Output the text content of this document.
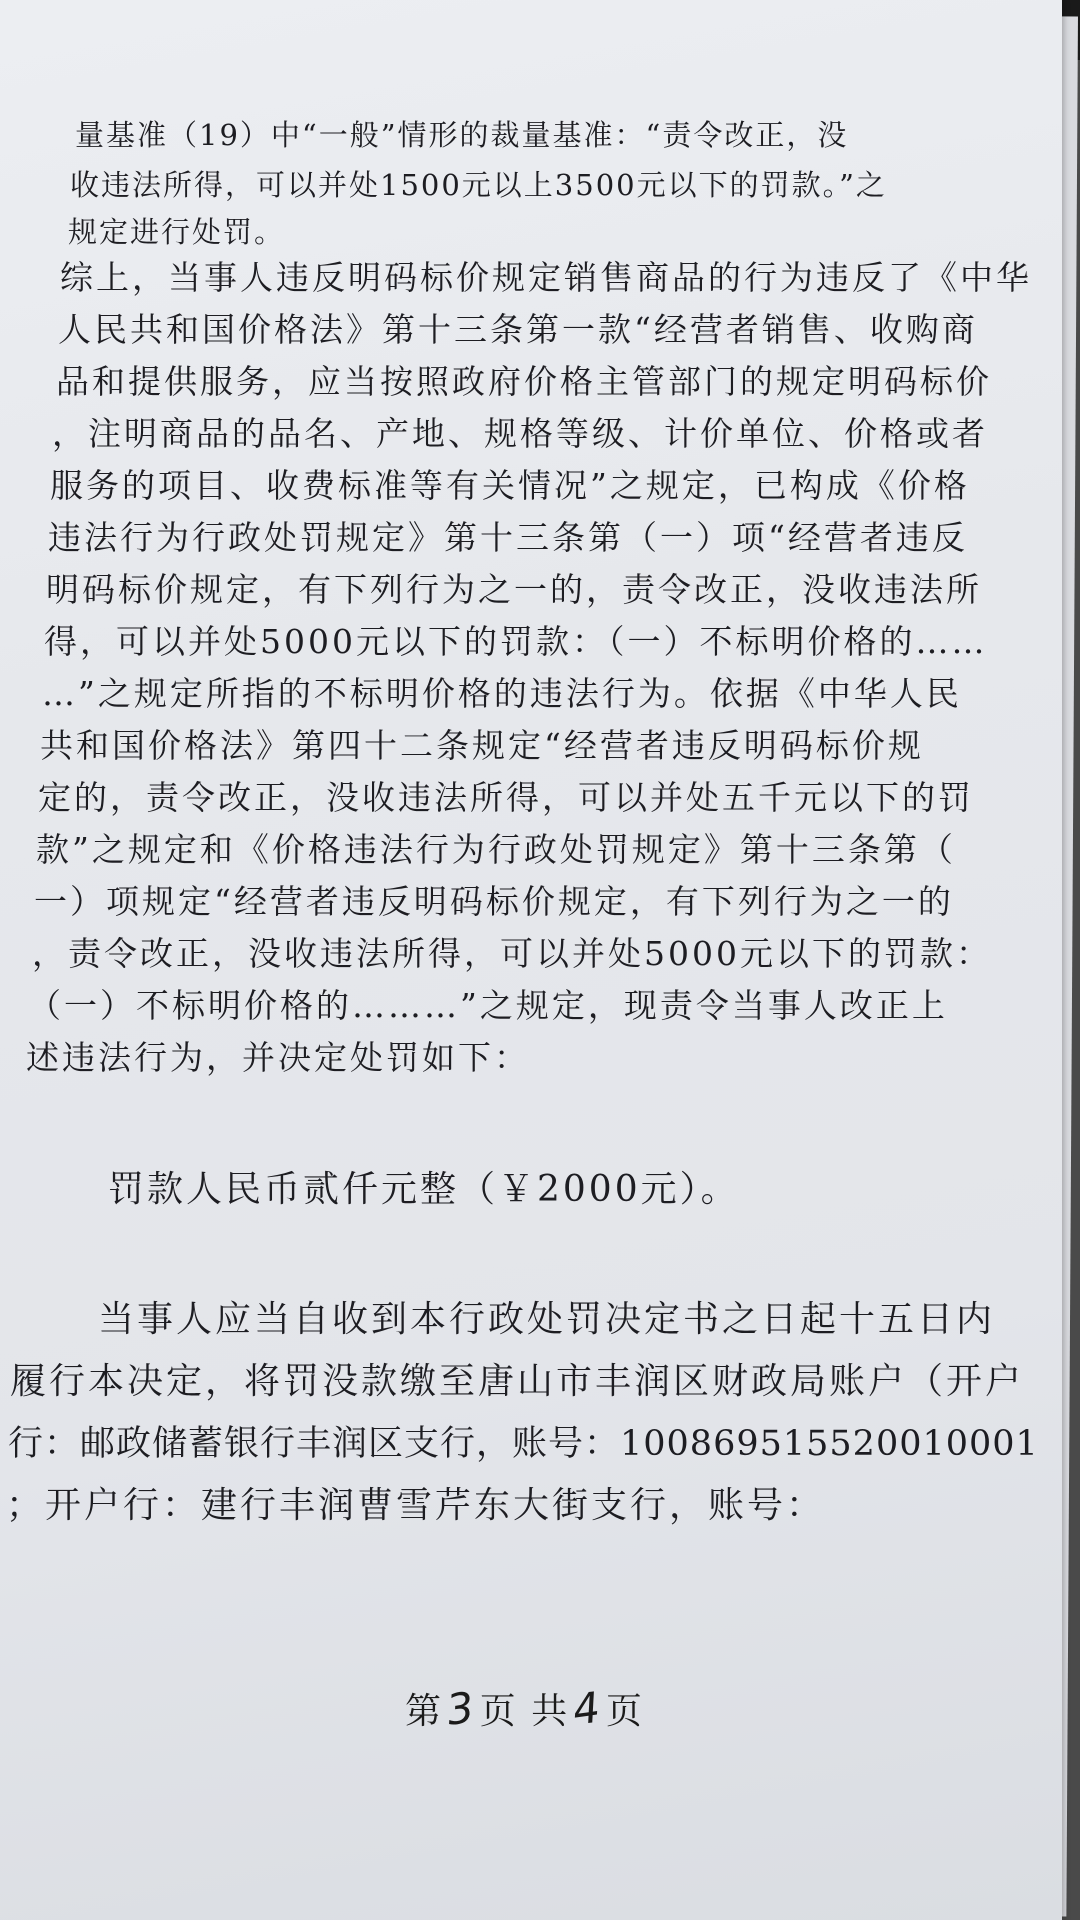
量基准（19）中“一般”情形的裁量基准：“责令改正，没
收违法所得，可以并处1500元以上3500元以下的罚款。”之
规定进行处罚。
综上，当事人违反明码标价规定销售商品的行为违反了《中华
人民共和国价格法》第十三条第一款“经营者销售、收购商
品和提供服务，应当按照政府价格主管部门的规定明码标价
，注明商品的品名、产地、规格等级、计价单位、价格或者
服务的项目、收费标准等有关情况”之规定，已构成《价格
违法行为行政处罚规定》第十三条第（一）项“经营者违反
明码标价规定，有下列行为之一的，责令改正，没收违法所
得，可以并处5000元以下的罚款：（一）不标明价格的……
…”之规定所指的不标明价格的违法行为。依据《中华人民
共和国价格法》第四十二条规定“经营者违反明码标价规
定的，责令改正，没收违法所得，可以并处五千元以下的罚
款”之规定和《价格违法行为行政处罚规定》第十三条第（
一）项规定“经营者违反明码标价规定，有下列行为之一的
，责令改正，没收违法所得，可以并处5000元以下的罚款：
（一）不标明价格的………”之规定，现责令当事人改正上
述违法行为，并决定处罚如下：
罚款人民币贰仟元整（￥2000元）。
当事人应当自收到本行政处罚决定书之日起十五日内
履行本决定，将罚没款缴至唐山市丰润区财政局账户（开户
行：邮政储蓄银行丰润区支行，账号：100869515520010001
；开户行：建行丰润曹雪芹东大街支行，账号：
第3页 共4页
